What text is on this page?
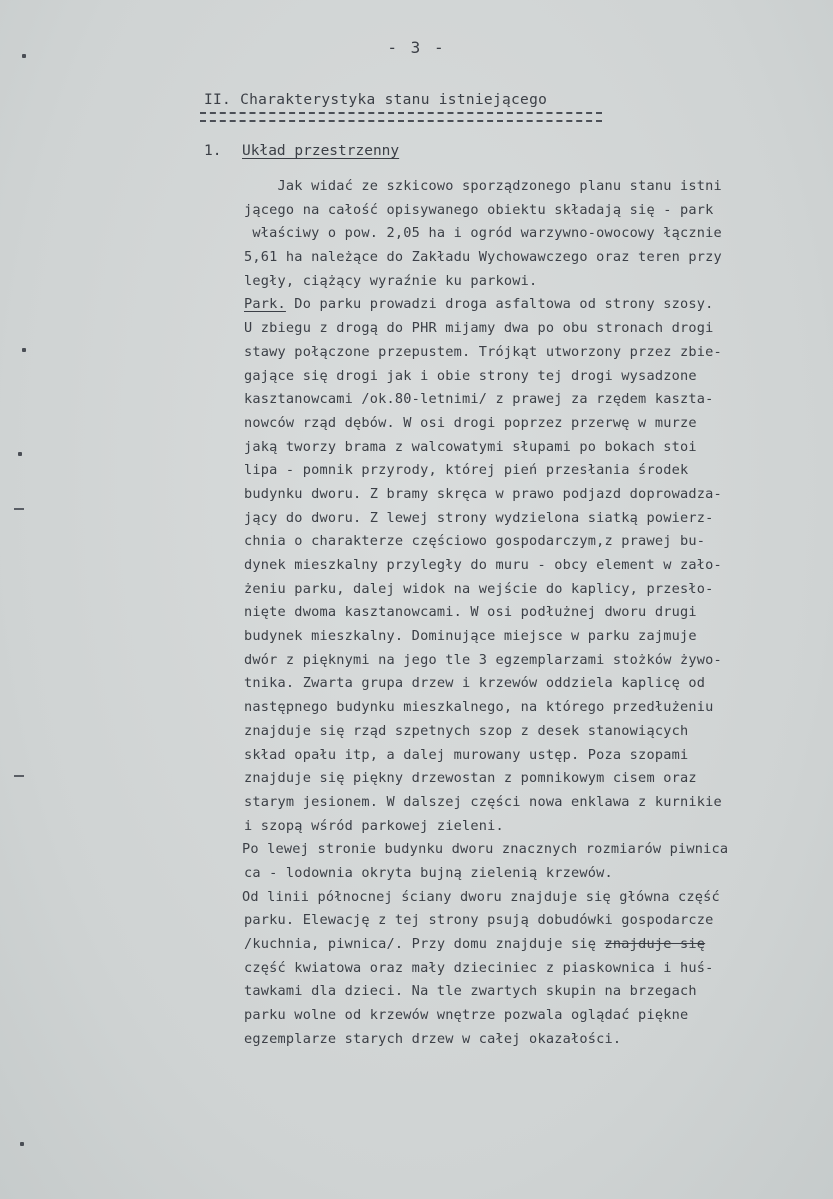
- 3 -
II. Charakterystyka stanu istniejącego
1. Układ przestrzenny
Jak widać ze szkicowo sporządzonego planu stanu istni
jącego na całość opisywanego obiektu składają się - park
właściwy o pow. 2,05 ha i ogród warzywno-owocowy łącznie
5,61 ha należące do Zakładu Wychowawczego oraz teren przy
legły, ciążący wyraźnie ku parkowi.
Park. Do parku prowadzi droga asfaltowa od strony szosy.
U zbiegu z drogą do PHR mijamy dwa po obu stronach drogi
stawy połączone przepustem. Trójkąt utworzony przez zbie-
gające się drogi jak i obie strony tej drogi wysadzone
kasztanowcami /ok.80-letnimi/ z prawej za rzędem kaszta-
nowców rząd dębów. W osi drogi poprzez przerwę w murze
jaką tworzy brama z walcowatymi słupami po bokach stoi
lipa - pomnik przyrody, której pień przesłania środek
budynku dworu. Z bramy skręca w prawo podjazd doprowadza-
jący do dworu. Z lewej strony wydzielona siatką powierz-
chnia o charakterze częściowo gospodarczym,z prawej bu-
dynek mieszkalny przyległy do muru - obcy element w zało-
żeniu parku, dalej widok na wejście do kaplicy, przesło-
nięte dwoma kasztanowcami. W osi podłużnej dworu drugi
budynek mieszkalny. Dominujące miejsce w parku zajmuje
dwór z pięknymi na jego tle 3 egzemplarzami stożków żywo-
tnika. Zwarta grupa drzew i krzewów oddziela kaplicę od
następnego budynku mieszkalnego, na którego przedłużeniu
znajduje się rząd szpetnych szop z desek stanowiących
skład opału itp, a dalej murowany ustęp. Poza szopami
znajduje się piękny drzewostan z pomnikowym cisem oraz
starym jesionem. W dalszej części nowa enklawa z kurnikie
i szopą wśród parkowej zieleni.
Po lewej stronie budynku dworu znacznych rozmiarów piwnica
ca - lodownia okryta bujną zielenią krzewów.
Od linii północnej ściany dworu znajduje się główna część
parku. Elewację z tej strony psują dobudówki gospodarcze
/kuchnia, piwnica/. Przy domu znajduje się znajduje się
część kwiatowa oraz mały dzieciniec z piaskownica i huś-
tawkami dla dzieci. Na tle zwartych skupin na brzegach
parku wolne od krzewów wnętrze pozwala oglądać piękne
egzemplarze starych drzew w całej okazałości.
